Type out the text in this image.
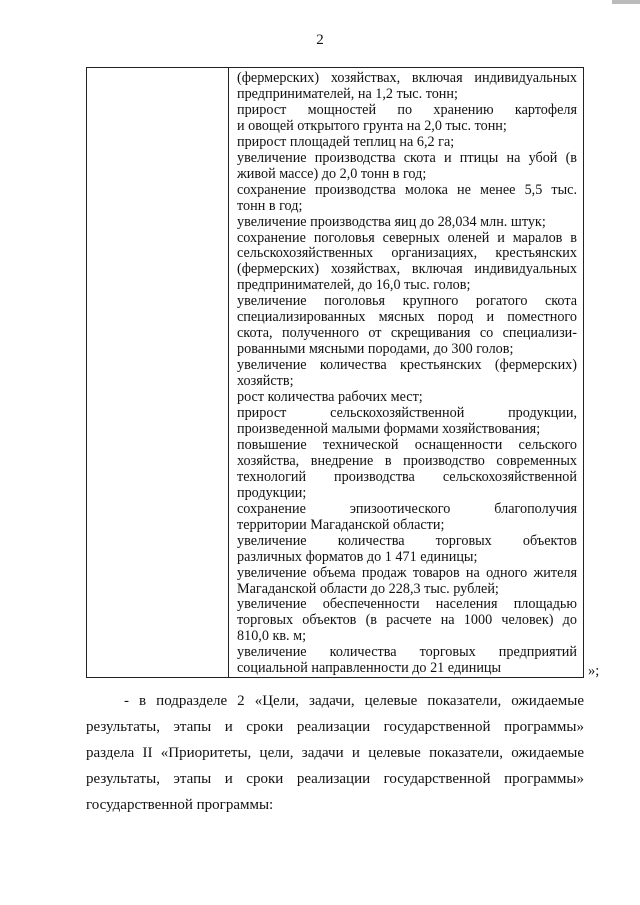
2
(фермерских) хозяйствах, включая индивидуальных
предпринимателей, на 1,2 тыс. тонн;
прирост мощностей по хранению картофеля
и овощей открытого грунта на 2,0 тыс. тонн;
прирост площадей теплиц на 6,2 га;
увеличение производства скота и птицы на убой (в
живой массе) до 2,0 тонн в год;
сохранение производства молока не менее 5,5 тыс.
тонн в год;
увеличение производства яиц до 28,034 млн. штук;
сохранение поголовья северных оленей и маралов в
сельскохозяйственных организациях, крестьянских
(фермерских) хозяйствах, включая индивидуальных
предпринимателей, до 16,0 тыс. голов;
увеличение поголовья крупного рогатого скота
специализированных мясных пород и поместного
скота, полученного от скрещивания со специализи-
рованными мясными породами, до 300 голов;
увеличение количества крестьянских (фермерских)
хозяйств;
рост количества рабочих мест;
прирост сельскохозяйственной продукции,
произведенной малыми формами хозяйствования;
повышение технической оснащенности сельского
хозяйства, внедрение в производство современных
технологий производства сельскохозяйственной
продукции;
сохранение эпизоотического благополучия
территории Магаданской области;
увеличение количества торговых объектов
различных форматов до 1 471 единицы;
увеличение объема продаж товаров на одного жителя
Магаданской области до 228,3 тыс. рублей;
увеличение обеспеченности населения площадью
торговых объектов (в расчете на 1000 человек) до
810,0 кв. м;
увеличение количества торговых предприятий
социальной направленности до 21 единицы	»;
- в подразделе 2 «Цели, задачи, целевые показатели, ожидаемые
результаты, этапы и сроки реализации государственной программы»
раздела II «Приоритеты, цели, задачи и целевые показатели, ожидаемые
результаты, этапы и сроки реализации государственной программы»
государственной программы:
